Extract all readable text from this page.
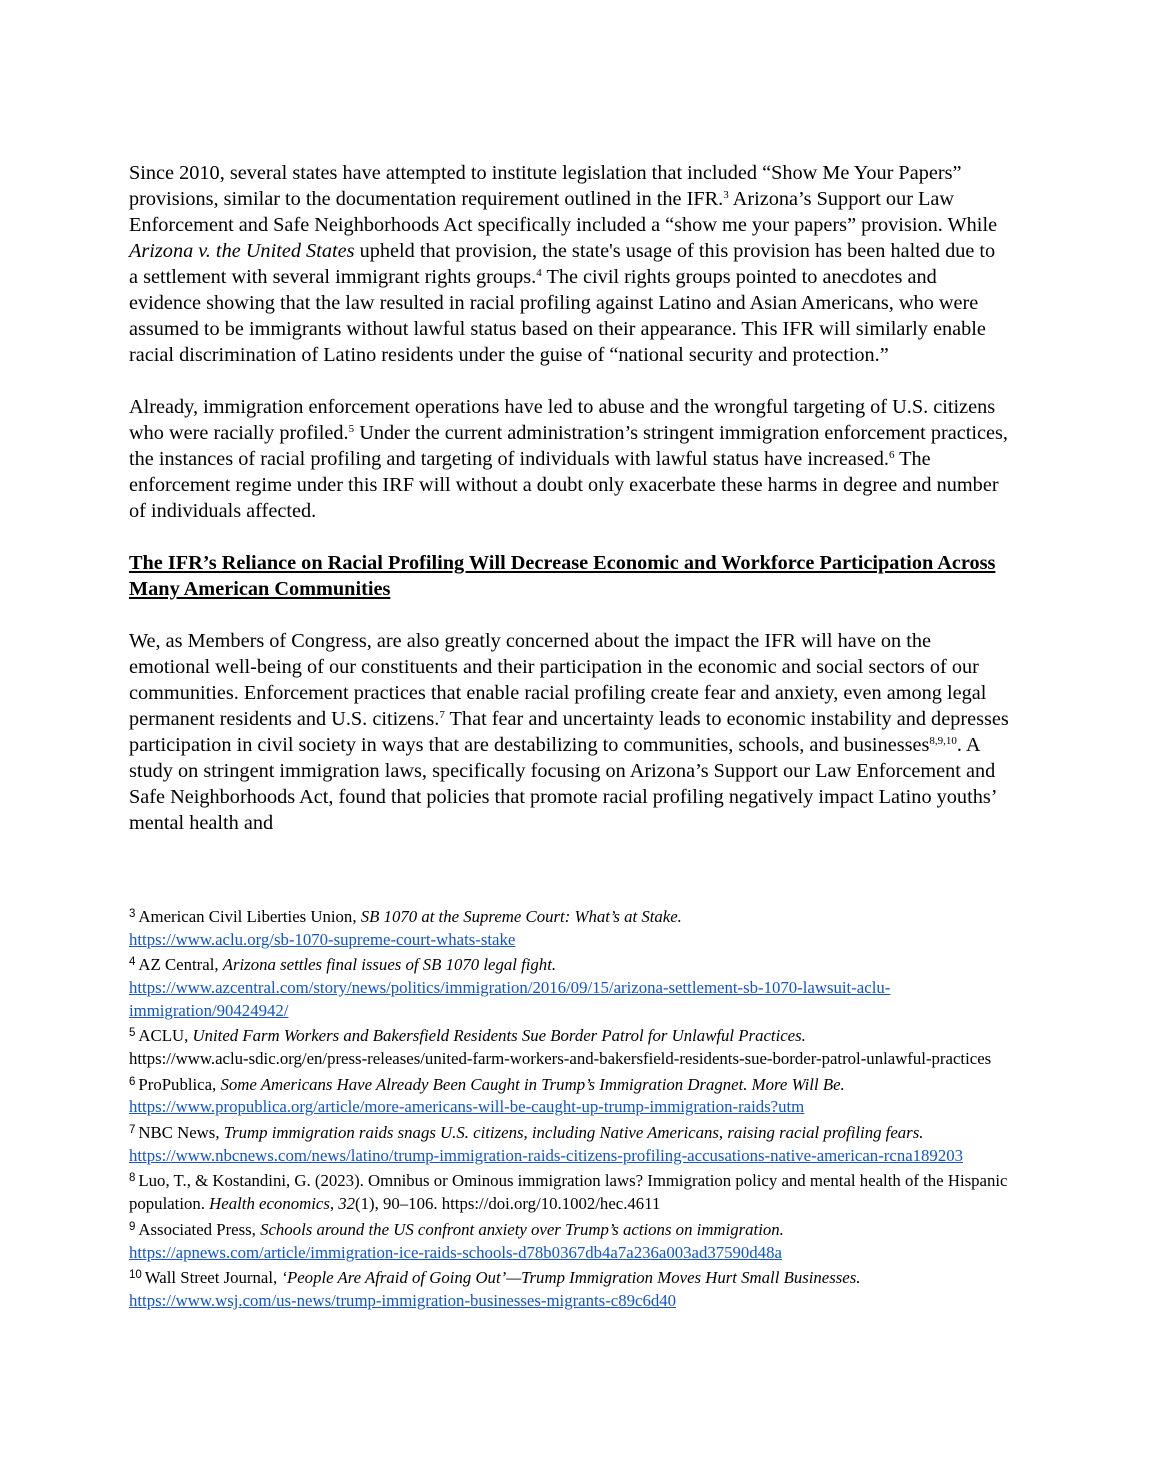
Since 2010, several states have attempted to institute legislation that included “Show Me Your Papers” provisions, similar to the documentation requirement outlined in the IFR.$^3$ Arizona’s Support our Law Enforcement and Safe Neighborhoods Act specifically included a “show me your papers” provision. While Arizona v. the United States upheld that provision, the state's usage of this provision has been halted due to a settlement with several immigrant rights groups.$^4$ The civil rights groups pointed to anecdotes and evidence showing that the law resulted in racial profiling against Latino and Asian Americans, who were assumed to be immigrants without lawful status based on their appearance. This IFR will similarly enable racial discrimination of Latino residents under the guise of “national security and protection.”

Already, immigration enforcement operations have led to abuse and the wrongful targeting of U.S. citizens who were racially profiled.$^5$ Under the current administration’s stringent immigration enforcement practices, the instances of racial profiling and targeting of individuals with lawful status have increased.$^6$ The enforcement regime under this IRF will without a doubt only exacerbate these harms in degree and number of individuals affected.

The IFR’s Reliance on Racial Profiling Will Decrease Economic and Workforce Participation Across Many American Communities

We, as Members of Congress, are also greatly concerned about the impact the IFR will have on the emotional well-being of our constituents and their participation in the economic and social sectors of our communities. Enforcement practices that enable racial profiling create fear and anxiety, even among legal permanent residents and U.S. citizens.$^7$ That fear and uncertainty leads to economic instability and depresses participation in civil society in ways that are destabilizing to communities, schools, and businesses$^{8,9,10}$. A study on stringent immigration laws, specifically focusing on Arizona’s Support our Law Enforcement and Safe Neighborhoods Act, found that policies that promote racial profiling negatively impact Latino youths’ mental health and

$^3$ American Civil Liberties Union, SB 1070 at the Supreme Court: What’s at Stake.
https://www.aclu.org/sb-1070-supreme-court-whats-stake

$^4$ AZ Central, Arizona settles final issues of SB 1070 legal fight.
https://www.azcentral.com/story/news/politics/immigration/2016/09/15/arizona-settlement-sb-1070-lawsuit-aclu-immigration/90424942/

$^5$ ACLU, United Farm Workers and Bakersfield Residents Sue Border Patrol for Unlawful Practices.
https://www.aclu-sdic.org/en/press-releases/united-farm-workers-and-bakersfield-residents-sue-border-patrol-unlawful-practices

$^6$ ProPublica, Some Americans Have Already Been Caught in Trump’s Immigration Dragnet. More Will Be.
https://www.propublica.org/article/more-americans-will-be-caught-up-trump-immigration-raids?utm

$^7$ NBC News, Trump immigration raids snags U.S. citizens, including Native Americans, raising racial profiling fears.
https://www.nbcnews.com/news/latino/trump-immigration-raids-citizens-profiling-accusations-native-american-rcna189203

$^8$ Luo, T., & Kostandini, G. (2023). Omnibus or Ominous immigration laws? Immigration policy and mental health of the Hispanic population. Health economics, 32(1), 90–106. https://doi.org/10.1002/hec.4611

$^9$ Associated Press, Schools around the US confront anxiety over Trump’s actions on immigration.
https://apnews.com/article/immigration-ice-raids-schools-d78b0367db4a7a236a003ad37590d48a

$^{10}$ Wall Street Journal, ‘People Are Afraid of Going Out’—Trump Immigration Moves Hurt Small Businesses.
https://www.wsj.com/us-news/trump-immigration-businesses-migrants-c89c6d40
